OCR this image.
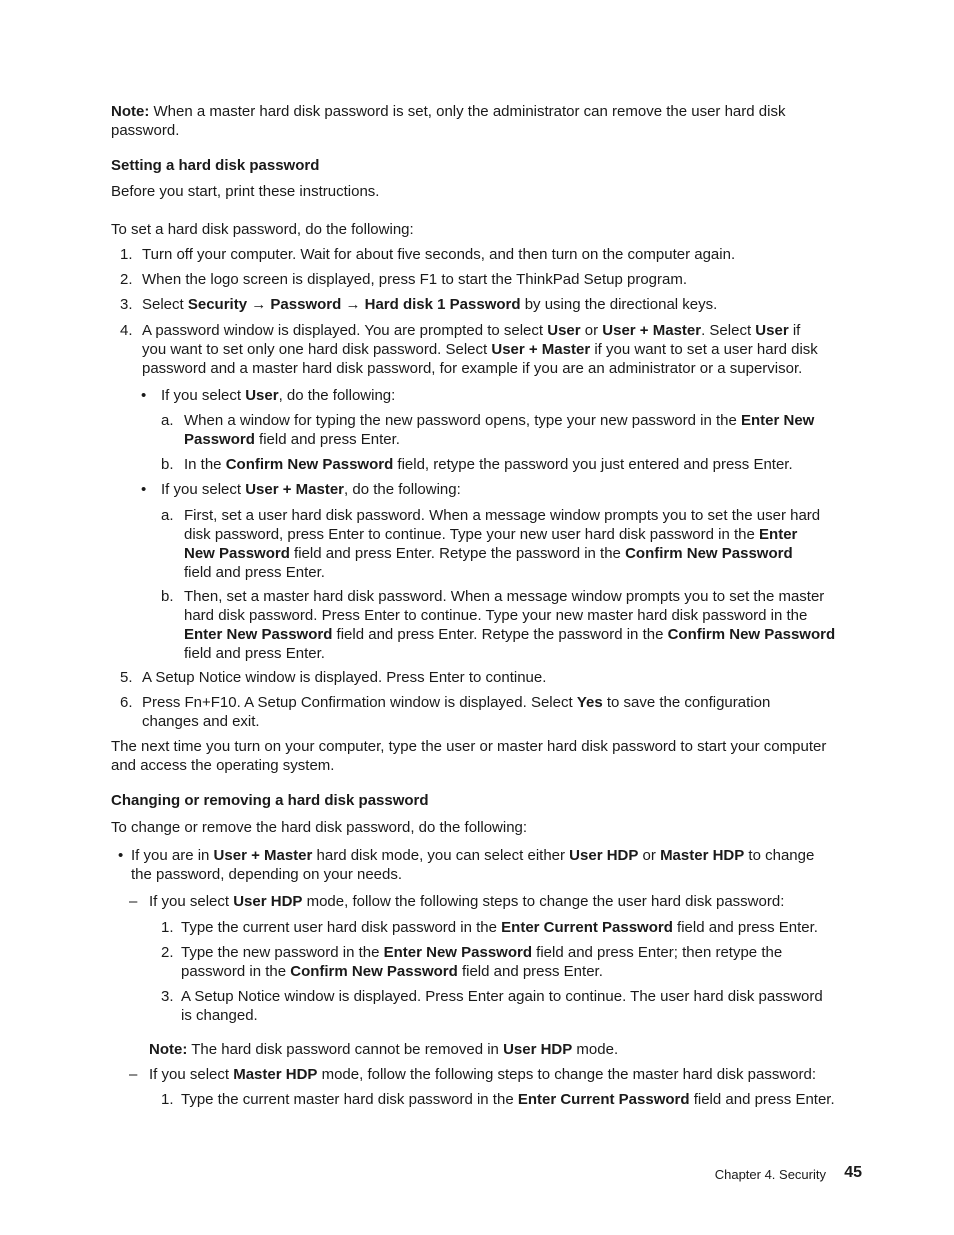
Note: When a master hard disk password is set, only the administrator can remove the user hard disk

password.

Setting a hard disk password

Before you start, print these instructions.

To set a hard disk password, do the following:

1. Turn off your computer. Wait for about five seconds, and then turn on the computer again.

2. When the logo screen is displayed, press F1 to start the ThinkPad Setup program.

3. Select Security → Password → Hard disk 1 Password by using the directional keys.

4. A password window is displayed. You are prompted to select User or User + Master. Select User if

you want to set only one hard disk password. Select User + Master if you want to set a user hard disk

password and a master hard disk password, for example if you are an administrator or a supervisor.

• If you select User, do the following:

a. When a window for typing the new password opens, type your new password in the Enter New

Password field and press Enter.

b. In the Confirm New Password field, retype the password you just entered and press Enter.

• If you select User + Master, do the following:

a. First, set a user hard disk password. When a message window prompts you to set the user hard

disk password, press Enter to continue. Type your new user hard disk password in the Enter

New Password field and press Enter. Retype the password in the Confirm New Password

field and press Enter.

b. Then, set a master hard disk password. When a message window prompts you to set the master

hard disk password. Press Enter to continue. Type your new master hard disk password in the

Enter New Password field and press Enter. Retype the password in the Confirm New Password

field and press Enter.

5. A Setup Notice window is displayed. Press Enter to continue.

6. Press Fn+F10. A Setup Confirmation window is displayed. Select Yes to save the configuration

changes and exit.

The next time you turn on your computer, type the user or master hard disk password to start your computer

and access the operating system.

Changing or removing a hard disk password

To change or remove the hard disk password, do the following:

• If you are in User + Master hard disk mode, you can select either User HDP or Master HDP to change

the password, depending on your needs.

– If you select User HDP mode, follow the following steps to change the user hard disk password:

1. Type the current user hard disk password in the Enter Current Password field and press Enter.

2. Type the new password in the Enter New Password field and press Enter; then retype the

password in the Confirm New Password field and press Enter.

3. A Setup Notice window is displayed. Press Enter again to continue. The user hard disk password

is changed.

Note: The hard disk password cannot be removed in User HDP mode.

– If you select Master HDP mode, follow the following steps to change the master hard disk password:

1. Type the current master hard disk password in the Enter Current Password field and press Enter.

Chapter 4. Security 45
